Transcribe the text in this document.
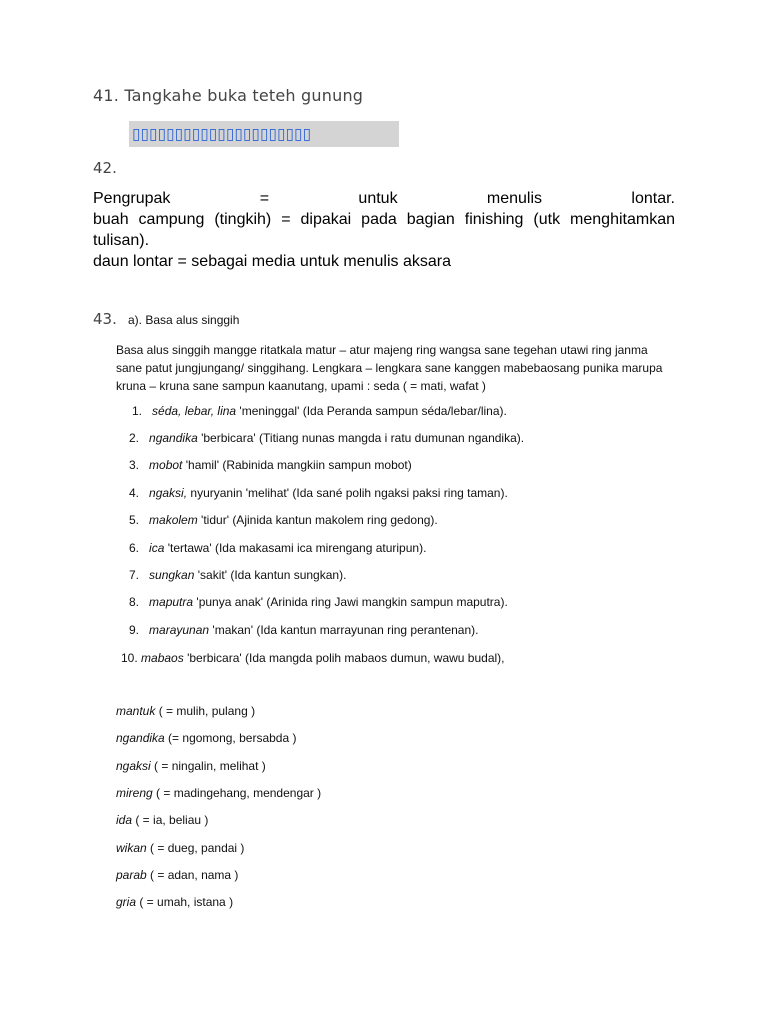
41. Tangkahe buka teteh gunung
▯▯▯▯▯▯▯▯▯▯▯▯▯▯▯▯▯▯▯▯▯
42.
Pengrupak	=	untuk	menulis	lontar.
buah campung (tingkih) = dipakai pada bagian finishing (utk menghitamkan
tulisan).
daun lontar = sebagai media untuk menulis aksara
43. a). Basa alus singgih
Basa alus singgih mangge ritatkala matur – atur majeng ring wangsa sane tegehan utawi ring janma sane patut jungjungang/ singgihang. Lengkara – lengkara sane kanggen mabebaosang punika marupa kruna – kruna sane sampun kaanutang, upami : seda ( = mati, wafat )
1. séda, lebar, lina 'meninggal' (Ida Peranda sampun séda/lebar/lina).
2. ngandika 'berbicara' (Titiang nunas mangda i ratu dumunan ngandika).
3. mobot 'hamil' (Rabinida mangkiin sampun mobot)
4. ngaksi, nyuryanin 'melihat' (Ida sané polih ngaksi paksi ring taman).
5. makolem 'tidur' (Ajinida kantun makolem ring gedong).
6. ica 'tertawa' (Ida makasami ica mirengang aturipun).
7. sungkan 'sakit' (Ida kantun sungkan).
8. maputra 'punya anak' (Arinida ring Jawi mangkin sampun maputra).
9. marayunan 'makan' (Ida kantun marrayunan ring perantenan).
10. mabaos 'berbicara' (Ida mangda polih mabaos dumun, wawu budal),
mantuk ( = mulih, pulang )
ngandika (= ngomong, bersabda )
ngaksi ( = ningalin, melihat )
mireng ( = madingehang, mendengar )
ida ( = ia, beliau )
wikan ( = dueg, pandai )
parab ( = adan, nama )
gria ( = umah, istana )
